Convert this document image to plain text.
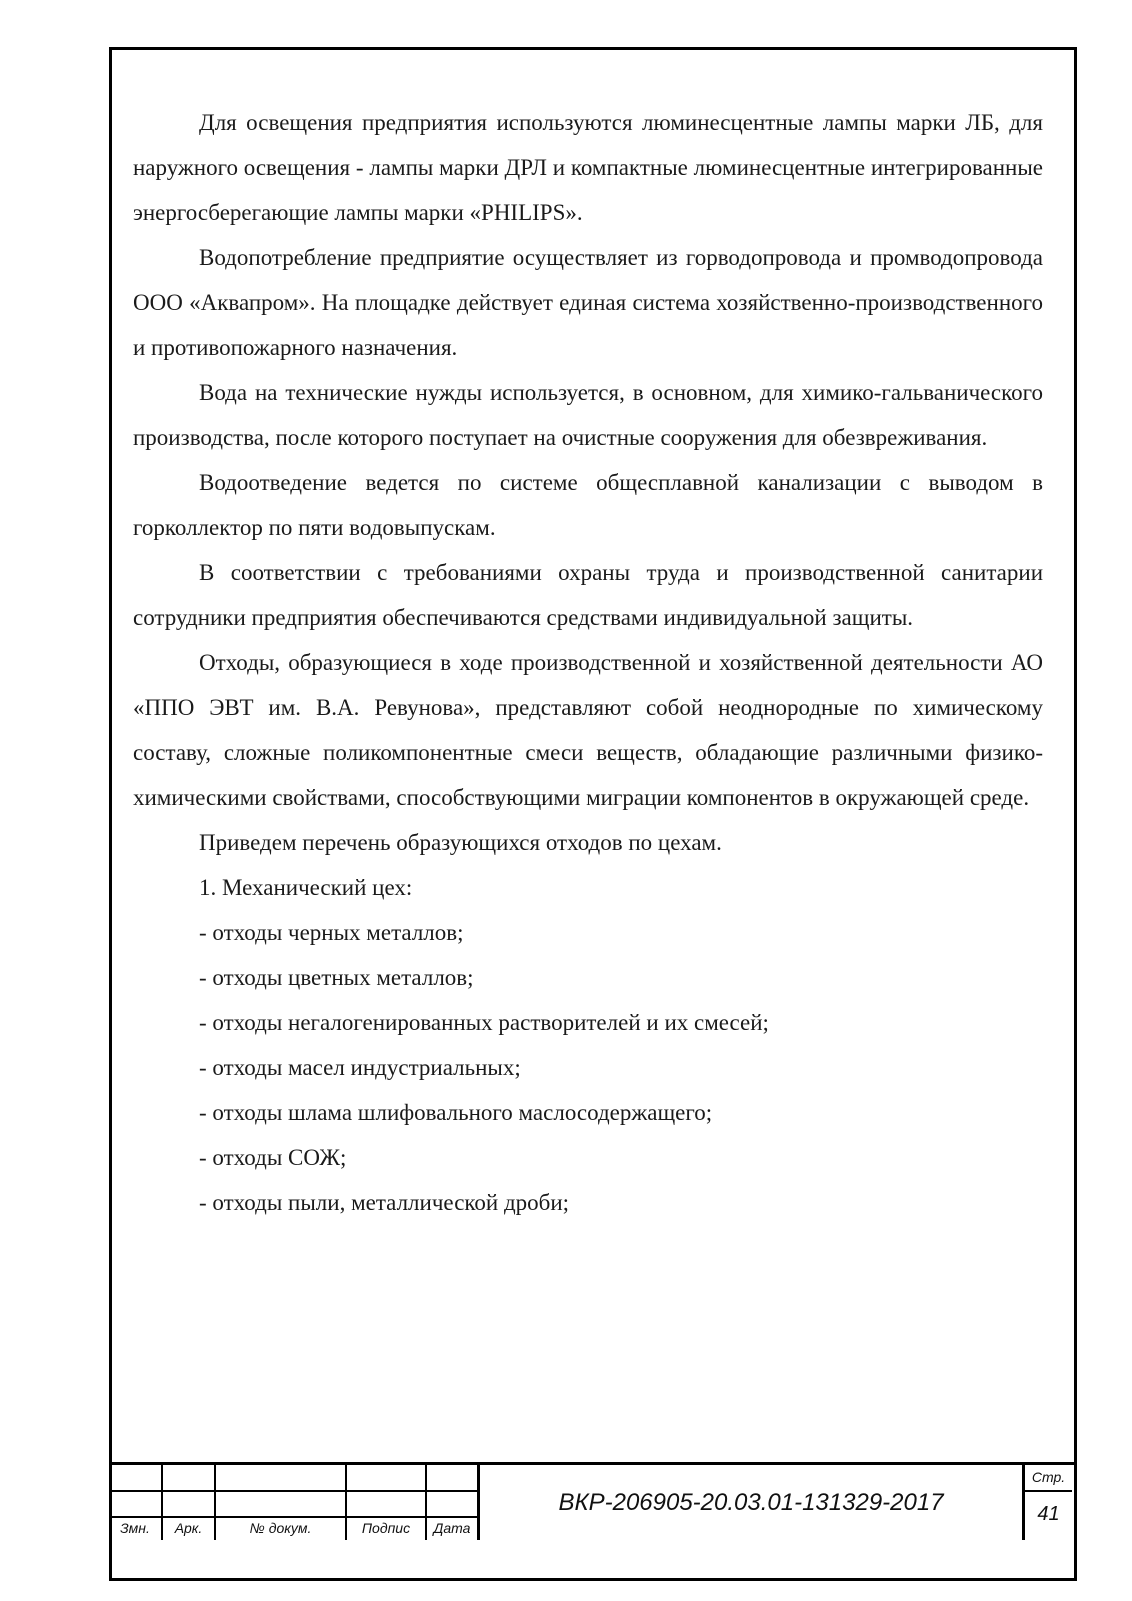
Для освещения предприятия используются люминесцентные лампы марки ЛБ, для наружного освещения - лампы марки ДРЛ и компактные люминесцентные интегрированные энергосберегающие лампы марки «PHILIPS».

Водопотребление предприятие осуществляет из горводопровода и промводопровода ООО «Аквапром». На площадке действует единая система хозяйственно-производственного и противопожарного назначения.

Вода на технические нужды используется, в основном, для химико-гальванического производства, после которого поступает на очистные сооружения для обезвреживания.

Водоотведение ведется по системе общесплавной канализации с выводом в горколлектор по пяти водовыпускам.

В соответствии с требованиями охраны труда и производственной санитарии сотрудники предприятия обеспечиваются средствами индивидуальной защиты.

Отходы, образующиеся в ходе производственной и хозяйственной деятельности АО «ППО ЭВТ им. В.А. Ревунова», представляют собой неоднородные по химическому составу, сложные поликомпонентные смеси веществ, обладающие различными физико-химическими свойствами, способствующими миграции компонентов в окружающей среде.

Приведем перечень образующихся отходов по цехам.

1. Механический цех:

- отходы черных металлов;

- отходы цветных металлов;

- отходы негалогенированных растворителей и их смесей;

- отходы масел индустриальных;

- отходы шлама шлифовального маслосодержащего;

- отходы СОЖ;

- отходы пыли, металлической дроби;

Змн.	Арк.	№ докум.	Подпис	Дата
ВКР-206905-20.03.01-131329-2017
Стр.
41
